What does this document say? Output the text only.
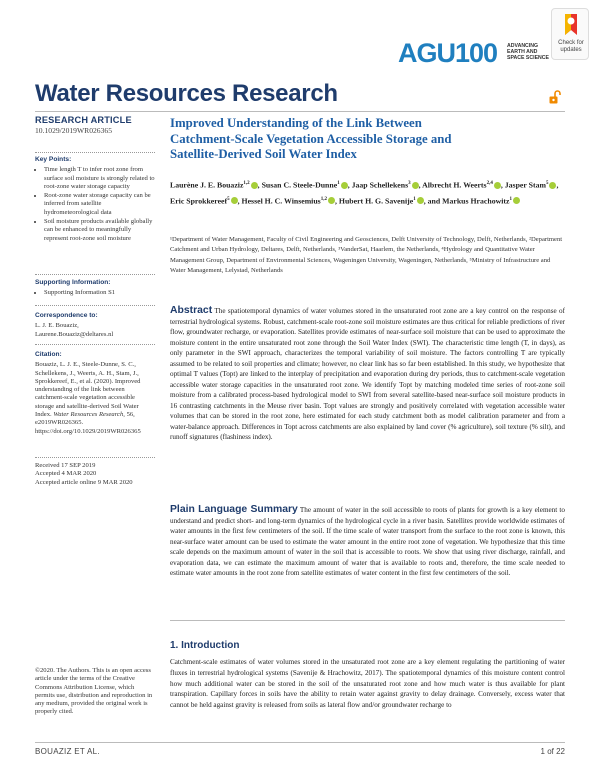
AGU100 ADVANCING
EARTH AND
SPACE SCIENCE
Check for
updates
Water Resources Research
RESEARCH ARTICLE
10.1029/2019WR026365
Key Points:
• Time length T to infer root zone from surface soil moisture is strongly related to root-zone water storage capacity
• Root-zone water storage capacity can be inferred from satellite hydrometeorological data
• Soil moisture products available globally can be enhanced to meaningfully represent root-zone soil moisture
Supporting Information:
• Supporting Information S1
Correspondence to:
L. J. E. Bouaziz,
Laurene.Bouaziz@deltares.nl
Citation:
Bouaziz, L. J. E., Steele-Dunne, S. C., Schellekens, J., Weerts, A. H., Stam, J., Sprokkereef, E., et al. (2020). Improved understanding of the link between catchment-scale vegetation accessible storage and satellite-derived Soil Water Index. Water Resources Research, 56, e2019WR026365. https://doi.org/10.1029/2019WR026365
Received 17 SEP 2019
Accepted 4 MAR 2020
Accepted article online 9 MAR 2020
©2020. The Authors. This is an open access article under the terms of the Creative Commons Attribution License, which permits use, distribution and reproduction in any medium, provided the original work is properly cited.
Improved Understanding of the Link Between Catchment-Scale Vegetation Accessible Storage and Satellite-Derived Soil Water Index
Laurène J. E. Bouaziz$^{1,2}$ , Susan C. Steele-Dunne$^1$ , Jaap Schellekens$^3$ , Albrecht H. Weerts$^{2,4}$ , Jasper Stam$^5$ , Eric Sprokkereef$^5$ , Hessel H. C. Winsemius$^{1,2}$ , Hubert H. G. Savenije$^1$ , and Markus Hrachowitz$^1$
¹Department of Water Management, Faculty of Civil Engineering and Geosciences, Delft University of Technology, Delft, Netherlands, ²Department Catchment and Urban Hydrology, Deltares, Delft, Netherlands, ³VanderSat, Haarlem, the Netherlands, ⁴Hydrology and Quantitative Water Management Group, Department of Environmental Sciences, Wageningen University, Wageningen, Netherlands, ⁵Ministry of Infrastructure and Water Management, Lelystad, Netherlands
Abstract The spatiotemporal dynamics of water volumes stored in the unsaturated root zone are a key control on the response of terrestrial hydrological systems. Robust, catchment-scale root-zone soil moisture estimates are thus critical for reliable predictions of river flow, groundwater recharge, or evaporation. Satellites provide estimates of near-surface soil moisture that can be used to approximate the moisture content in the entire unsaturated root zone through the Soil Water Index (SWI). The characteristic time length (T, in days), as only parameter in the SWI approach, characterizes the temporal variability of soil moisture. The factors controlling T are typically assumed to be related to soil properties and climate; however, no clear link has so far been established. In this study, we hypothesize that optimal T values (Topt) are linked to the interplay of precipitation and evaporation during dry periods, thus to catchment-scale vegetation accessible water storage capacities in the unsaturated root zone. We identify Topt by matching modeled time series of root-zone soil moisture from a calibrated process-based hydrological model to SWI from several satellite-based near-surface soil moisture products in 16 contrasting catchments in the Meuse river basin. Topt values are strongly and positively correlated with vegetation accessible water volumes that can be stored in the root zone, here estimated for each study catchment both as model calibration parameter and from a water-balance approach. Differences in Topt across catchments are also explained by land cover (% agriculture), soil texture (% silt), and runoff signatures (flashiness index).
Plain Language Summary The amount of water in the soil accessible to roots of plants for growth is a key element to understand and predict short- and long-term dynamics of the hydrological cycle in a river basin. Satellites provide worldwide estimates of water amounts in the first few centimeters of the soil. If the time scale of water transport from the surface to the root zone is known, this near-surface water amount can be used to estimate the water amount in the entire root zone of vegetation. We hypothesize that this time scale depends on the maximum amount of water in the soil that is accessible to roots. We show that using river discharge, rainfall, and evaporation data, we can estimate the maximum amount of water that is available to roots and, therefore, the time scale needed to estimate water amounts in the root zone from satellite estimates of water content in the first few centimeters of the soil.
1. Introduction
Catchment-scale estimates of water volumes stored in the unsaturated root zone are a key element regulating the partitioning of water fluxes in terrestrial hydrological systems (Savenije & Hrachowitz, 2017). The spatiotemporal dynamics of this moisture content control how much additional water can be stored in the soil of the unsaturated root zone and how much water is thus available for plant transpiration. Capillary forces in soils have the ability to retain water against gravity to delay drainage. Conversely, excess water that cannot be held against gravity is released from soils as lateral flow and/or groundwater recharge to
BOUAZIZ ET AL.	1 of 22
